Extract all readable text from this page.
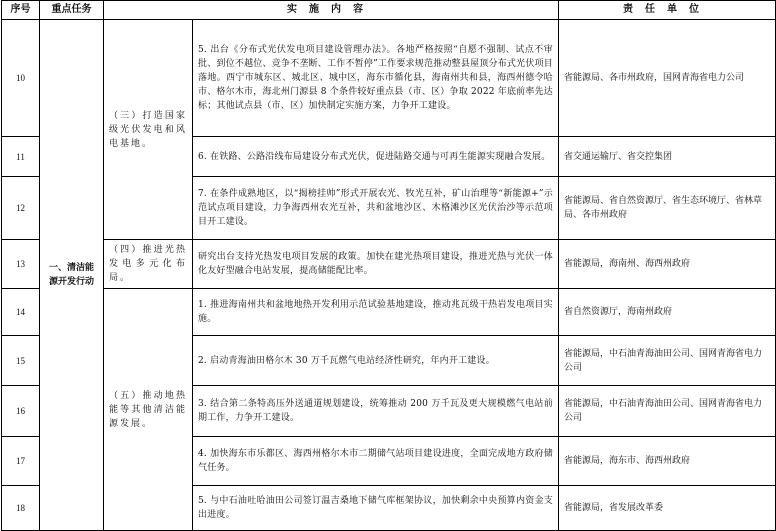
序号	重点任务	实施内容		责任单位
10	一、清洁能源开发行动	（三）打造国家级光伏发电和风电基地。	5. 出台《分布式光伏发电项目建设管理办法》。各地严格按照“自愿不强制、试点不审批、到位不越位、竞争不垄断、工作不暂停”工作要求规范推动整县屋顶分布式光伏项目落地。西宁市城东区、城北区、城中区，海东市循化县，海南州共和县，海西州德令哈市、格尔木市，海北州门源县 8 个条件较好重点县（市、区）争取 2022 年底前率先达标；其他试点县（市、区）加快制定实施方案，力争开工建设。	省能源局、各市州政府，国网青海省电力公司
11			6. 在铁路、公路沿线布局建设分布式光伏，促进陆路交通与可再生能源实现融合发展。	省交通运输厅、省交控集团
12			7. 在条件成熟地区，以“揭榜挂帅”形式开展农光、牧光互补，矿山治理等“新能源+”示范试点项目建设，力争海西州农光互补，共和盆地沙区、木格滩沙区光伏治沙等示范项目开工建设。	省能源局、省自然资源厅、省生态环境厅、省林草局、各市州政府
13		（四）推进光热发电多元化布局。	研究出台支持光热发电项目发展的政策。加快在建光热项目建设，推进光热与光伏一体化友好型融合电站发展，提高储能配比率。	省能源局，海南州、海西州政府
14		（五）推动地热能等其他清洁能源发展。	1. 推进海南州共和盆地地热开发利用示范试验基地建设，推动兆瓦级干热岩发电项目实施。	省自然资源厅，海南州政府
15			2. 启动青海油田格尔木 30 万千瓦燃气电站经济性研究，年内开工建设。	省能源局，中石油青海油田公司、国网青海省电力公司
16			3. 结合第二条特高压外送通道规划建设，统筹推动 200 万千瓦及更大规模燃气电站前期工作，力争开工建设。	省能源局，中石油青海油田公司、国网青海省电力公司
17			4. 加快海东市乐都区、海西州格尔木市二期储气站项目建设进度，全面完成地方政府储气任务。	省能源局，海东市、海西州政府
18			5. 与中石油吐哈油田公司签订温吉桑地下储气库框架协议，加快剩余中央预算内资金支出进度。	省能源局，省发展改革委
